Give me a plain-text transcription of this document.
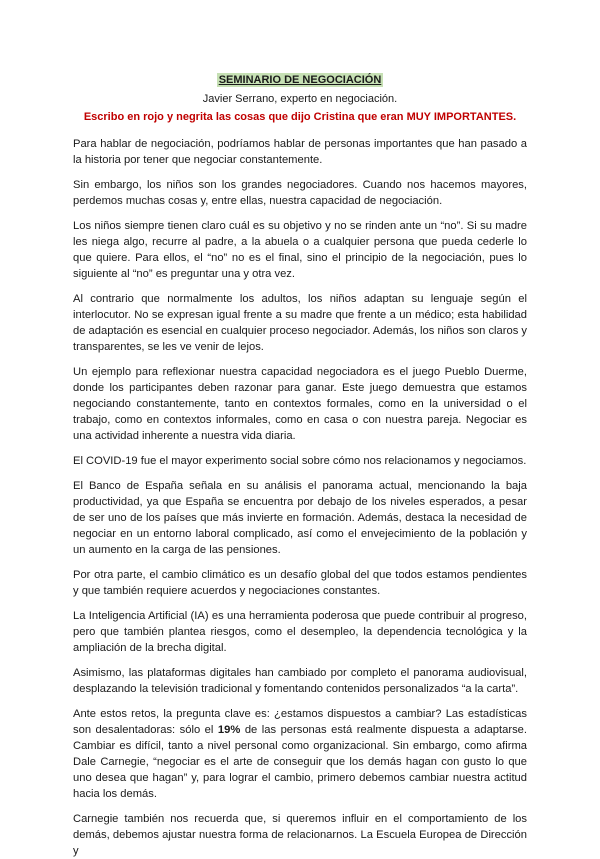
SEMINARIO DE NEGOCIACIÓN
Javier Serrano, experto en negociación.
Escribo en rojo y negrita las cosas que dijo Cristina que eran MUY IMPORTANTES.

Para hablar de negociación, podríamos hablar de personas importantes que han pasado a la historia por tener que negociar constantemente.

Sin embargo, los niños son los grandes negociadores. Cuando nos hacemos mayores, perdemos muchas cosas y, entre ellas, nuestra capacidad de negociación.

Los niños siempre tienen claro cuál es su objetivo y no se rinden ante un “no”. Si su madre les niega algo, recurre al padre, a la abuela o a cualquier persona que pueda cederle lo que quiere. Para ellos, el “no” no es el final, sino el principio de la negociación, pues lo siguiente al “no” es preguntar una y otra vez.

Al contrario que normalmente los adultos, los niños adaptan su lenguaje según el interlocutor. No se expresan igual frente a su madre que frente a un médico; esta habilidad de adaptación es esencial en cualquier proceso negociador. Además, los niños son claros y transparentes, se les ve venir de lejos.

Un ejemplo para reflexionar nuestra capacidad negociadora es el juego Pueblo Duerme, donde los participantes deben razonar para ganar. Este juego demuestra que estamos negociando constantemente, tanto en contextos formales, como en la universidad o el trabajo, como en contextos informales, como en casa o con nuestra pareja. Negociar es una actividad inherente a nuestra vida diaria.

El COVID-19 fue el mayor experimento social sobre cómo nos relacionamos y negociamos.

El Banco de España señala en su análisis el panorama actual, mencionando la baja productividad, ya que España se encuentra por debajo de los niveles esperados, a pesar de ser uno de los países que más invierte en formación. Además, destaca la necesidad de negociar en un entorno laboral complicado, así como el envejecimiento de la población y un aumento en la carga de las pensiones.

Por otra parte, el cambio climático es un desafío global del que todos estamos pendientes y que también requiere acuerdos y negociaciones constantes.

La Inteligencia Artificial (IA) es una herramienta poderosa que puede contribuir al progreso, pero que también plantea riesgos, como el desempleo, la dependencia tecnológica y la ampliación de la brecha digital.

Asimismo, las plataformas digitales han cambiado por completo el panorama audiovisual, desplazando la televisión tradicional y fomentando contenidos personalizados “a la carta”.

Ante estos retos, la pregunta clave es: ¿estamos dispuestos a cambiar? Las estadísticas son desalentadoras: sólo el 19% de las personas está realmente dispuesta a adaptarse. Cambiar es difícil, tanto a nivel personal como organizacional. Sin embargo, como afirma Dale Carnegie, “negociar es el arte de conseguir que los demás hagan con gusto lo que uno desea que hagan” y, para lograr el cambio, primero debemos cambiar nuestra actitud hacia los demás.

Carnegie también nos recuerda que, si queremos influir en el comportamiento de los demás, debemos ajustar nuestra forma de relacionarnos. La Escuela Europea de Dirección y
